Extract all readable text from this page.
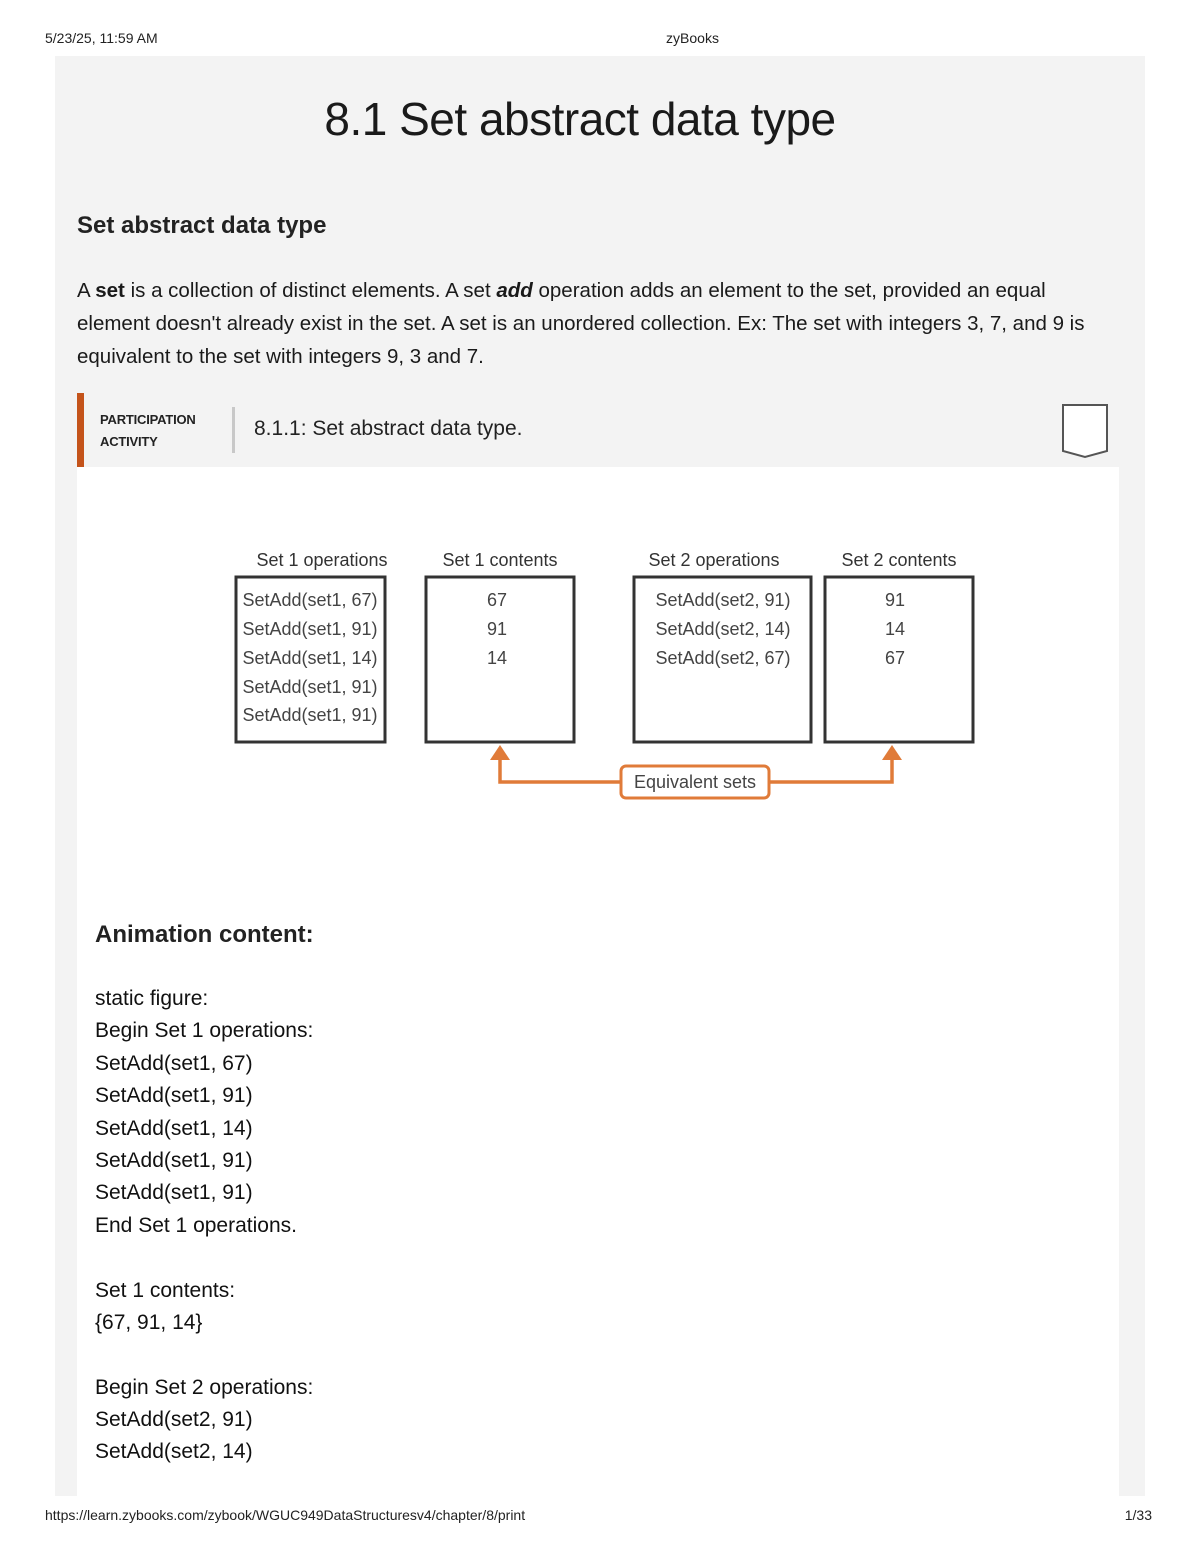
5/23/25, 11:59 AM	zyBooks
8.1 Set abstract data type
Set abstract data type
A set is a collection of distinct elements. A set add operation adds an element to the set, provided an equal element doesn't already exist in the set. A set is an unordered collection. Ex: The set with integers 3, 7, and 9 is equivalent to the set with integers 9, 3 and 7.
PARTICIPATION
ACTIVITY
8.1.1: Set abstract data type.
Set 1 operations	Set 1 contents	Set 2 operations	Set 2 contents
SetAdd(set1, 67)
SetAdd(set1, 91)
SetAdd(set1, 14)
SetAdd(set1, 91)
SetAdd(set1, 91)
67
91
14
SetAdd(set2, 91)
SetAdd(set2, 14)
SetAdd(set2, 67)
91
14
67
Equivalent sets
Animation content:
static figure:
Begin Set 1 operations:
SetAdd(set1, 67)
SetAdd(set1, 91)
SetAdd(set1, 14)
SetAdd(set1, 91)
SetAdd(set1, 91)
End Set 1 operations.
Set 1 contents:
{67, 91, 14}
Begin Set 2 operations:
SetAdd(set2, 91)
SetAdd(set2, 14)
https://learn.zybooks.com/zybook/WGUC949DataStructuresv4/chapter/8/print	1/33
